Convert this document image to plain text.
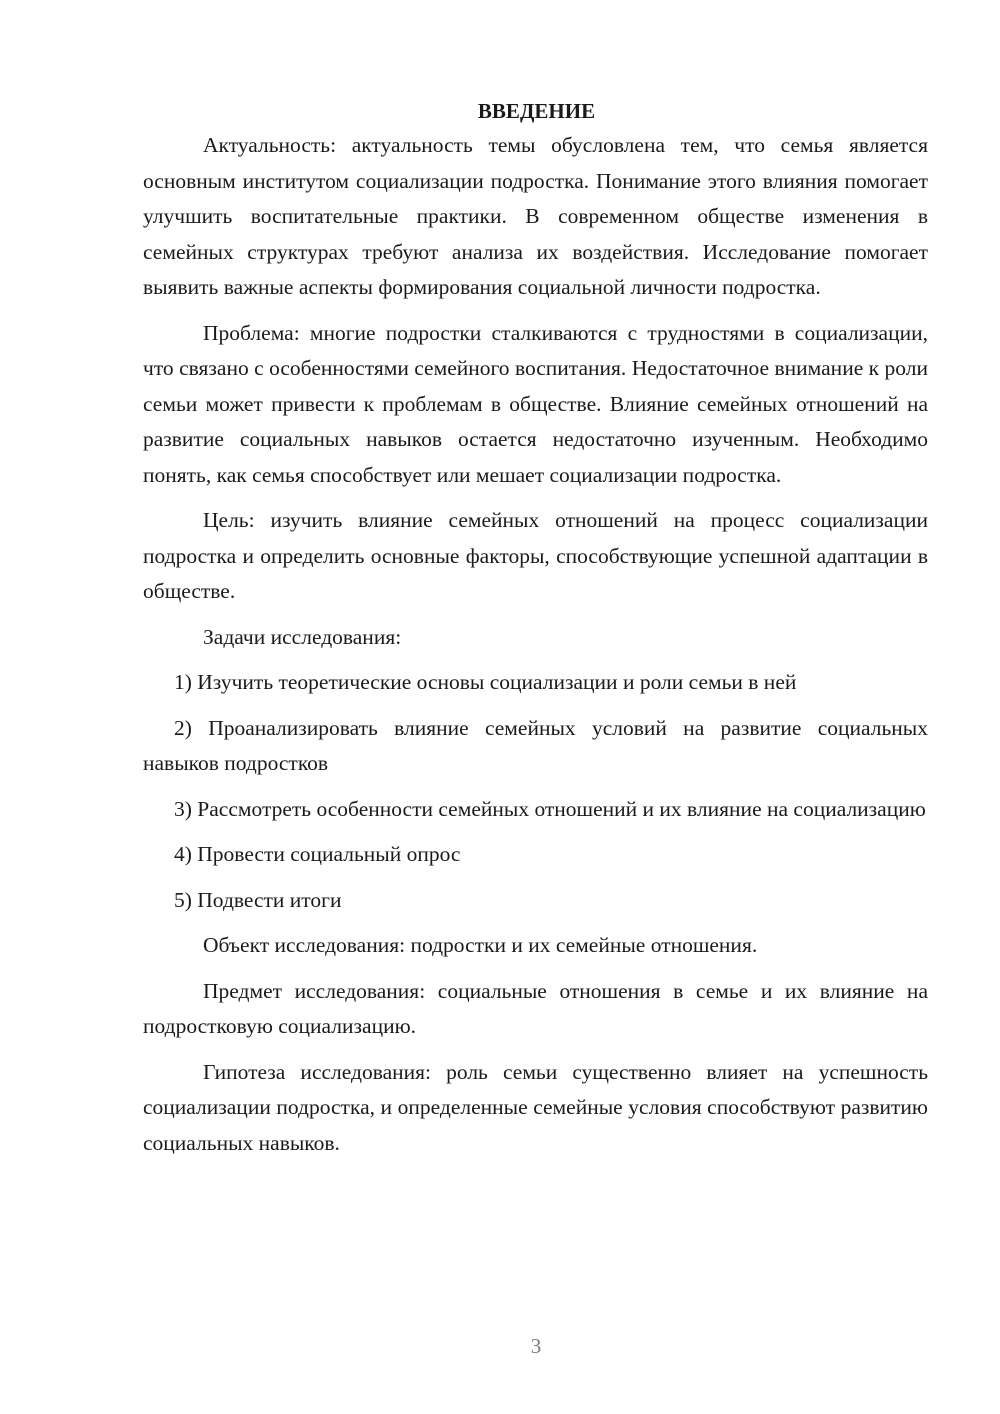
ВВЕДЕНИЕ

Актуальность: актуальность темы обусловлена тем, что семья является основным институтом социализации подростка. Понимание этого влияния помогает улучшить воспитательные практики. В современном обществе изменения в семейных структурах требуют анализа их воздействия. Исследование помогает выявить важные аспекты формирования социальной личности подростка.

Проблема: многие подростки сталкиваются с трудностями в социализации, что связано с особенностями семейного воспитания. Недостаточное внимание к роли семьи может привести к проблемам в обществе. Влияние семейных отношений на развитие социальных навыков остается недостаточно изученным. Необходимо понять, как семья способствует или мешает социализации подростка.

Цель: изучить влияние семейных отношений на процесс социализации подростка и определить основные факторы, способствующие успешной адаптации в обществе.

Задачи исследования:

1) Изучить теоретические основы социализации и роли семьи в ней

2) Проанализировать влияние семейных условий на развитие социальных навыков подростков

3) Рассмотреть особенности семейных отношений и их влияние на социализацию

4) Провести социальный опрос

5) Подвести итоги

Объект исследования: подростки и их семейные отношения.

Предмет исследования: социальные отношения в семье и их влияние на подростковую социализацию.

Гипотеза исследования: роль семьи существенно влияет на успешность социализации подростка, и определенные семейные условия способствуют развитию социальных навыков.

3
